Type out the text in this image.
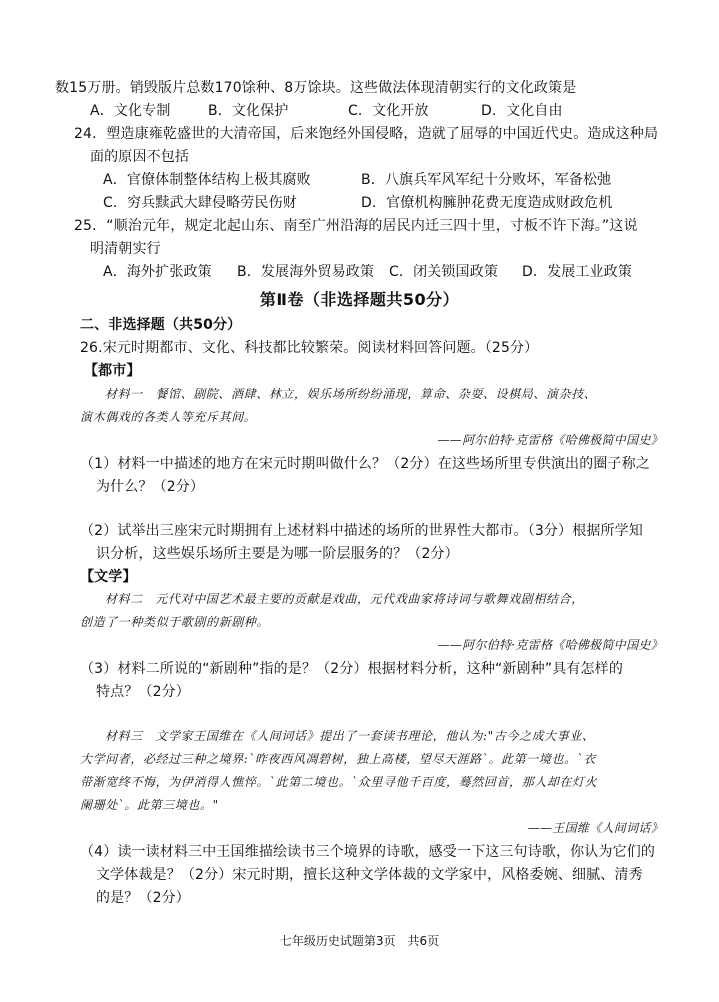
数15万册。销毁版片总数170馀种、8万馀块。这些做法体现清朝实行的文化政策是
A．文化专制	B．文化保护	C．文化开放	D．文化自由
24．塑造康雍乾盛世的大清帝国，后来饱经外国侵略，造就了屈辱的中国近代史。造成这种局
面的原因不包括
A．官僚体制整体结构上极其腐败	B．八旗兵军风军纪十分败坏，军备松弛
C．穷兵黩武大肆侵略劳民伤财	D．官僚机构臃肿花费无度造成财政危机
25．“顺治元年，规定北起山东、南至广州沿海的居民内迁三四十里，寸板不许下海。”这说
明清朝实行
A．海外扩张政策 B．发展海外贸易政策 C．闭关锁国政策 D．发展工业政策
第Ⅱ卷（非选择题共50分）
二、非选择题（共50分）
26.宋元时期都市、文化、科技都比较繁荣。阅读材料回答问题。（25分）
【都市】
材料一　餐馆、剧院、酒肆、林立，娱乐场所纷纷涌现，算命、杂耍、设棋局、演杂技、
演木偶戏的各类人等充斥其间。
——阿尔伯特·克雷格《哈佛极简中国史》
（1）材料一中描述的地方在宋元时期叫做什么？（2分）在这些场所里专供演出的圈子称之
为什么？（2分）
（2）试举出三座宋元时期拥有上述材料中描述的场所的世界性大都市。（3分）根据所学知
识分析，这些娱乐场所主要是为哪一阶层服务的？（2分）
【文学】
材料二　元代对中国艺术最主要的贡献是戏曲，元代戏曲家将诗词与歌舞戏剧相结合，
创造了一种类似于歌剧的新剧种。
——阿尔伯特·克雷格《哈佛极简中国史》
（3）材料二所说的“新剧种”指的是？（2分）根据材料分析，这种“新剧种”具有怎样的
特点？（2分）
材料三　文学家王国维在《人间词话》提出了一套读书理论，他认为:"古今之成大事业、
大学问者，必经过三种之境界:`昨夜西风凋碧树，独上高楼，望尽天涯路`。此第一境也。`衣
带渐宽终不悔，为伊消得人憔悴。`此第二境也。`众里寻他千百度，蓦然回首，那人却在灯火
阑珊处`。此第三境也。"
——王国维《人间词话》
（4）读一读材料三中王国维描绘读书三个境界的诗歌，感受一下这三句诗歌，你认为它们的
文学体裁是？（2分）宋元时期，擅长这种文学体裁的文学家中，风格委婉、细腻、清秀
的是？（2分）
七年级历史试题第3页　共6页
